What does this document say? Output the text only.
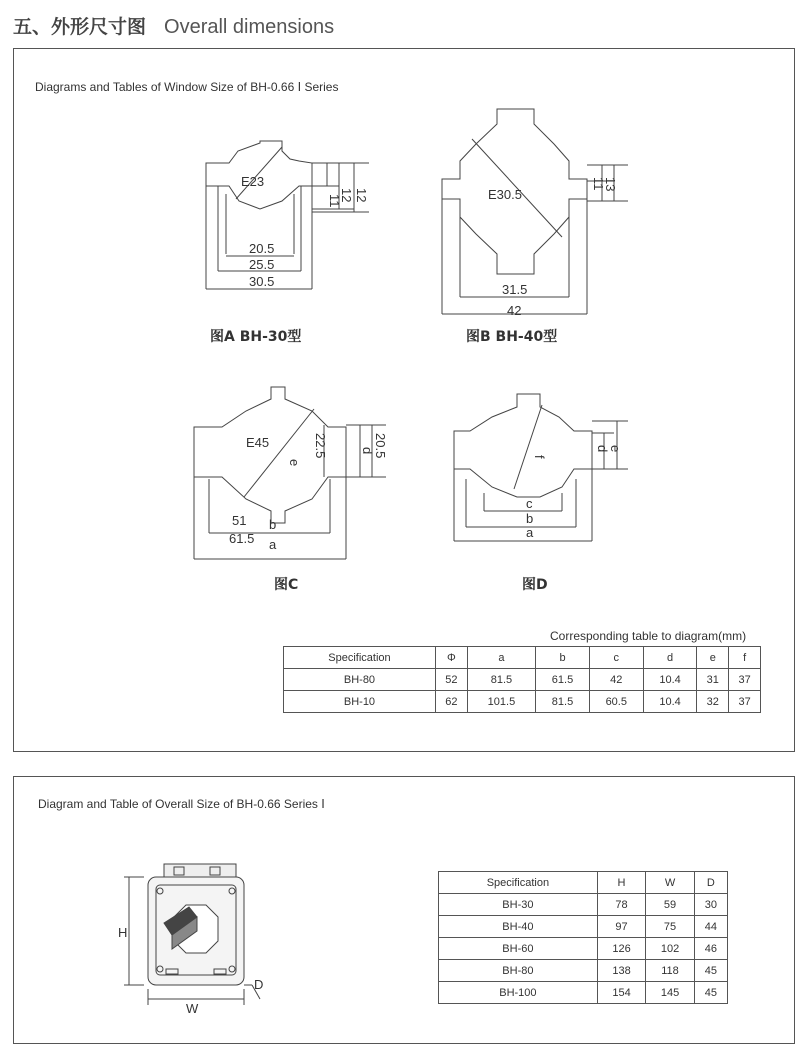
五、外形尺寸图 Overall dimensions
Diagrams and Tables of Window Size of BH-0.66 Ⅰ Series
E23
11
12 12
20.5
25.5
30.5
图A BH-30型
E30.5
11
13
31.5
42
图B BH-40型
E45
e
22.5 d
20.5
51 b
61.5 a
图C
f
d
e
c
b
a
图D
Corresponding table to diagram(mm)
Specification	Φ	a	b	c	d	e	f
BH-80	52	81.5	61.5	42	10.4	31	37
BH-10	62	101.5	81.5	60.5	10.4	32	37
Diagram and Table of Overall Size of BH-0.66 Series Ⅰ
H
W
D
Specification	H	W	D
BH-30	78	59	30
BH-40	97	75	44
BH-60	126	102	46
BH-80	138	118	45
BH-100	154	145	45
